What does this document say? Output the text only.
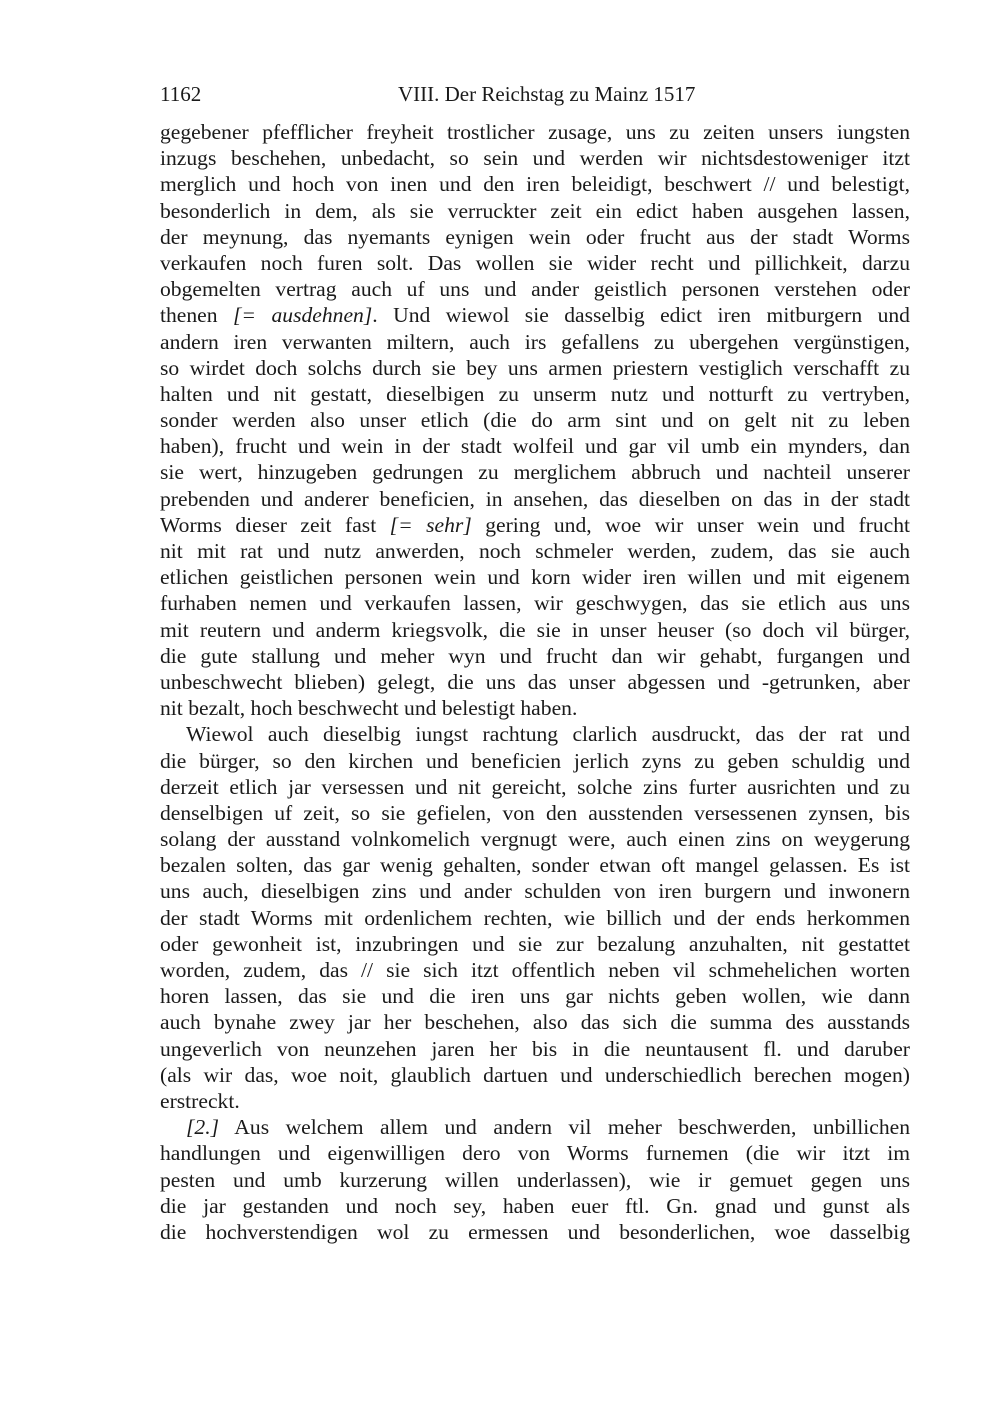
1162	VIII. Der Reichstag zu Mainz 1517
gegebener pfefflicher freyheit trostlicher zusage, uns zu zeiten unsers iungsten
inzugs beschehen, unbedacht, so sein und werden wir nichtsdestoweniger itzt
merglich und hoch von inen und den iren beleidigt, beschwert // und belestigt,
besonderlich in dem, als sie verruckter zeit ein edict haben ausgehen lassen,
der meynung, das nyemants eynigen wein oder frucht aus der stadt Worms
verkaufen noch furen solt. Das wollen sie wider recht und pillichkeit, darzu
obgemelten vertrag auch uf uns und ander geistlich personen verstehen oder
thenen [= ausdehnen]. Und wiewol sie dasselbig edict iren mitburgern und
andern iren verwanten miltern, auch irs gefallens zu ubergehen vergünstigen,
so wirdet doch solchs durch sie bey uns armen priestern vestiglich verschafft zu
halten und nit gestatt, dieselbigen zu unserm nutz und notturft zu vertryben,
sonder werden also unser etlich (die do arm sint und on gelt nit zu leben
haben), frucht und wein in der stadt wolfeil und gar vil umb ein mynders, dan
sie wert, hinzugeben gedrungen zu merglichem abbruch und nachteil unserer
prebenden und anderer beneficien, in ansehen, das dieselben on das in der stadt
Worms dieser zeit fast [= sehr] gering und, woe wir unser wein und frucht
nit mit rat und nutz anwerden, noch schmeler werden, zudem, das sie auch
etlichen geistlichen personen wein und korn wider iren willen und mit eigenem
furhaben nemen und verkaufen lassen, wir geschwygen, das sie etlich aus uns
mit reutern und anderm kriegsvolk, die sie in unser heuser (so doch vil bürger,
die gute stallung und meher wyn und frucht dan wir gehabt, furgangen und
unbeschwecht blieben) gelegt, die uns das unser abgessen und -getrunken, aber
nit bezalt, hoch beschwecht und belestigt haben.
Wiewol auch dieselbig iungst rachtung clarlich ausdruckt, das der rat und
die bürger, so den kirchen und beneficien jerlich zyns zu geben schuldig und
derzeit etlich jar versessen und nit gereicht, solche zins furter ausrichten und zu
denselbigen uf zeit, so sie gefielen, von den ausstenden versessenen zynsen, bis
solang der ausstand volnkomelich vergnugt were, auch einen zins on weygerung
bezalen solten, das gar wenig gehalten, sonder etwan oft mangel gelassen. Es ist
uns auch, dieselbigen zins und ander schulden von iren burgern und inwonern
der stadt Worms mit ordenlichem rechten, wie billich und der ends herkommen
oder gewonheit ist, inzubringen und sie zur bezalung anzuhalten, nit gestattet
worden, zudem, das // sie sich itzt offentlich neben vil schmehelichen worten
horen lassen, das sie und die iren uns gar nichts geben wollen, wie dann
auch bynahe zwey jar her beschehen, also das sich die summa des ausstands
ungeverlich von neunzehen jaren her bis in die neuntausent fl. und daruber
(als wir das, woe noit, glaublich dartuen und underschiedlich berechen mogen)
erstreckt.
[2.] Aus welchem allem und andern vil meher beschwerden, unbillichen
handlungen und eigenwilligen dero von Worms furnemen (die wir itzt im
pesten und umb kurzerung willen underlassen), wie ir gemuet gegen uns
die jar gestanden und noch sey, haben euer ftl. Gn. gnad und gunst als
die hochverstendigen wol zu ermessen und besonderlichen, woe dasselbig
